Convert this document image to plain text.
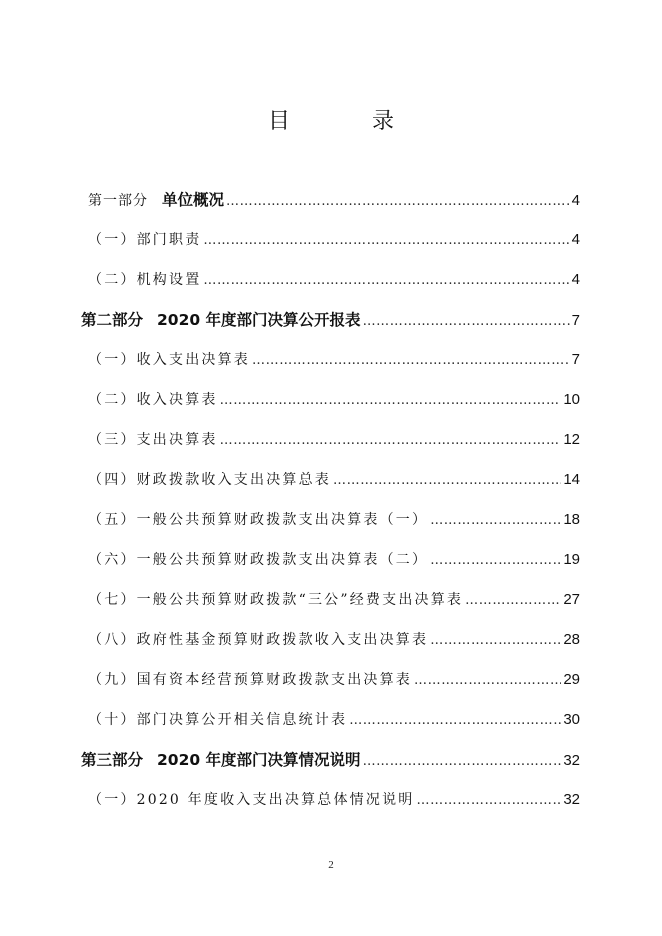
目　录
第一部分 单位概况 …………………………………………………………………………………………………………………………………………	4
（一）部门职责 …………………………………………………………………………………………………………………………………………	4
（二）机构设置 …………………………………………………………………………………………………………………………………………	4
第二部分 2020 年度部门决算公开报表 …………………………………………………………………………………………………………………………………………	7
（一）收入支出决算表 …………………………………………………………………………………………………………………………………………	7
（二）收入决算表 …………………………………………………………………………………………………………………………………………	10
（三）支出决算表 …………………………………………………………………………………………………………………………………………	12
（四）财政拨款收入支出决算总表 …………………………………………………………………………………………………………………………………………	14
（五）一般公共预算财政拨款支出决算表（一） …………………………………………………………………………………………………………………………………………	18
（六）一般公共预算财政拨款支出决算表（二） …………………………………………………………………………………………………………………………………………	19
（七）一般公共预算财政拨款“三公”经费支出决算表 …………………………………………………………………………………………………………………………………………	27
（八）政府性基金预算财政拨款收入支出决算表 …………………………………………………………………………………………………………………………………………	28
（九）国有资本经营预算财政拨款支出决算表 …………………………………………………………………………………………………………………………………………	29
（十）部门决算公开相关信息统计表 …………………………………………………………………………………………………………………………………………	30
第三部分 2020 年度部门决算情况说明 …………………………………………………………………………………………………………………………………………	32
（一）2020 年度收入支出决算总体情况说明 …………………………………………………………………………………………………………………………………………	32
2
